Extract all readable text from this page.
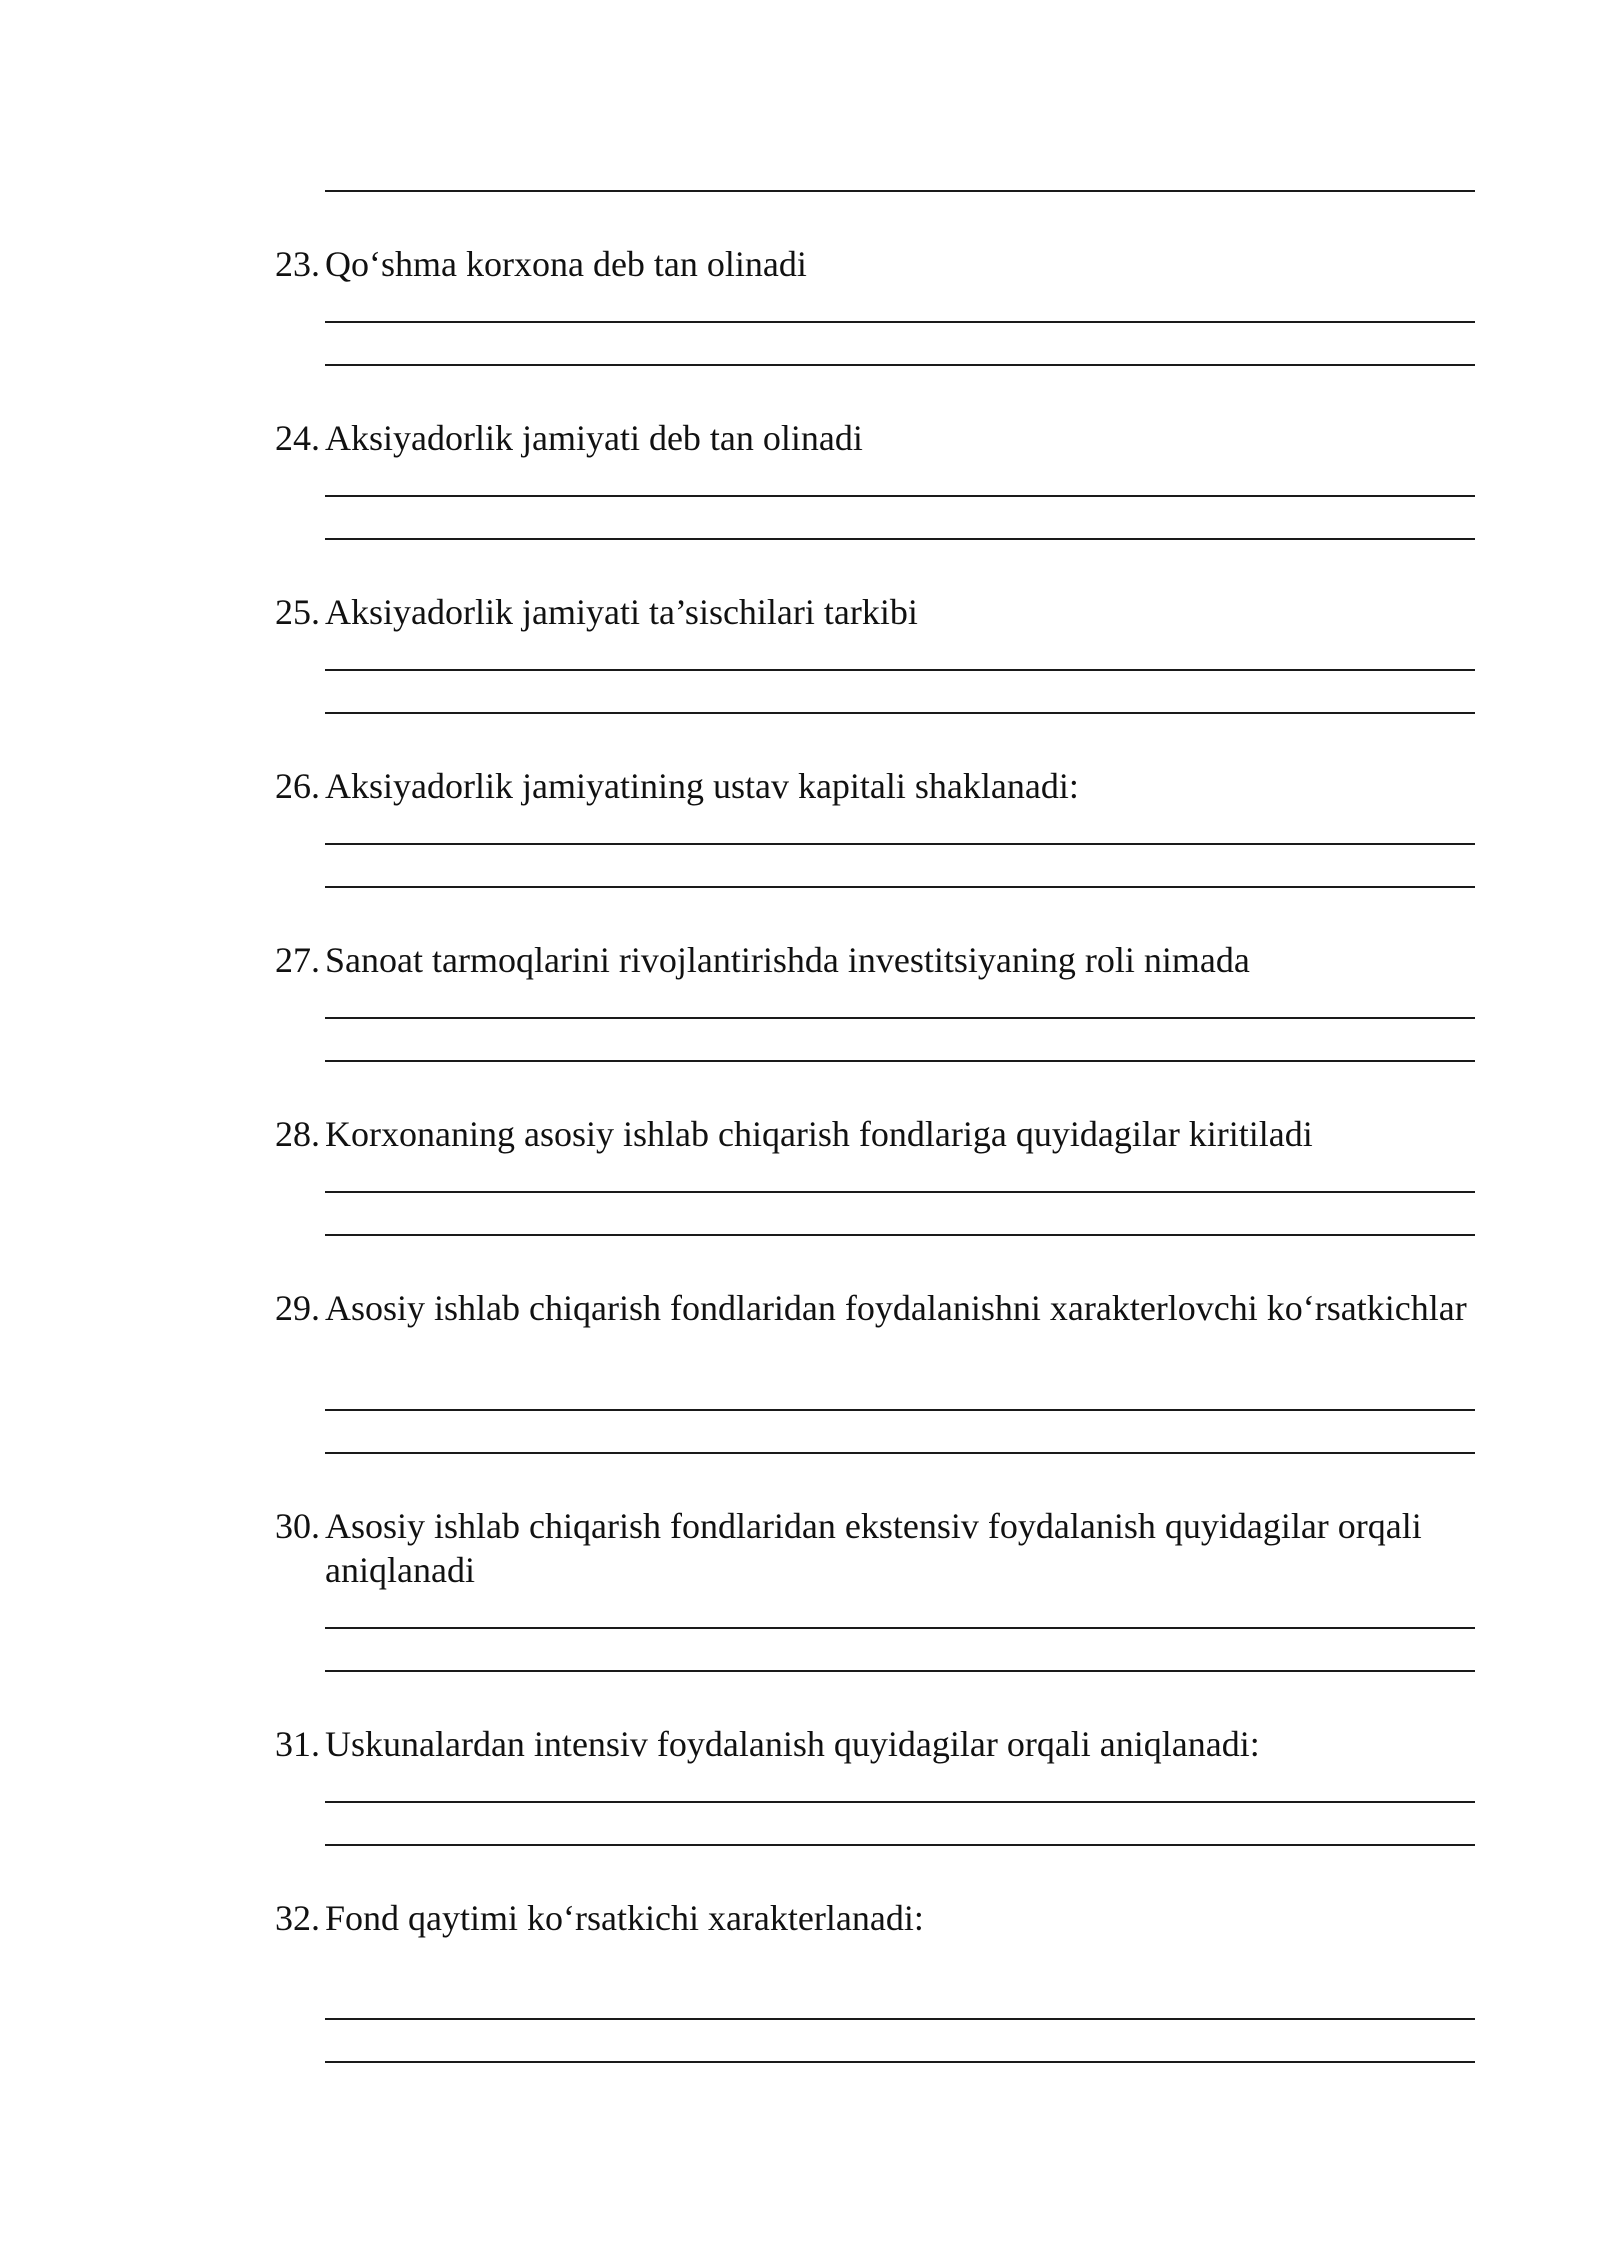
23. Qo‘shma korxona deb tan olinadi
24. Aksiyadorlik jamiyati deb tan olinadi
25. Aksiyadorlik jamiyati ta’sischilari tarkibi
26. Aksiyadorlik jamiyatining ustav kapitali shaklanadi:
27. Sanoat tarmoqlarini rivojlantirishda investitsiyaning roli nimada
28. Korxonaning asosiy ishlab chiqarish fondlariga quyidagilar kiritiladi
29. Asosiy ishlab chiqarish fondlaridan foydalanishni xarakterlovchi ko‘rsatkichlar
30. Asosiy ishlab chiqarish fondlaridan ekstensiv foydalanish quyidagilar orqali aniqlanadi
31. Uskunalardan intensiv foydalanish quyidagilar orqali aniqlanadi:
32. Fond qaytimi ko‘rsatkichi xarakterlanadi:
